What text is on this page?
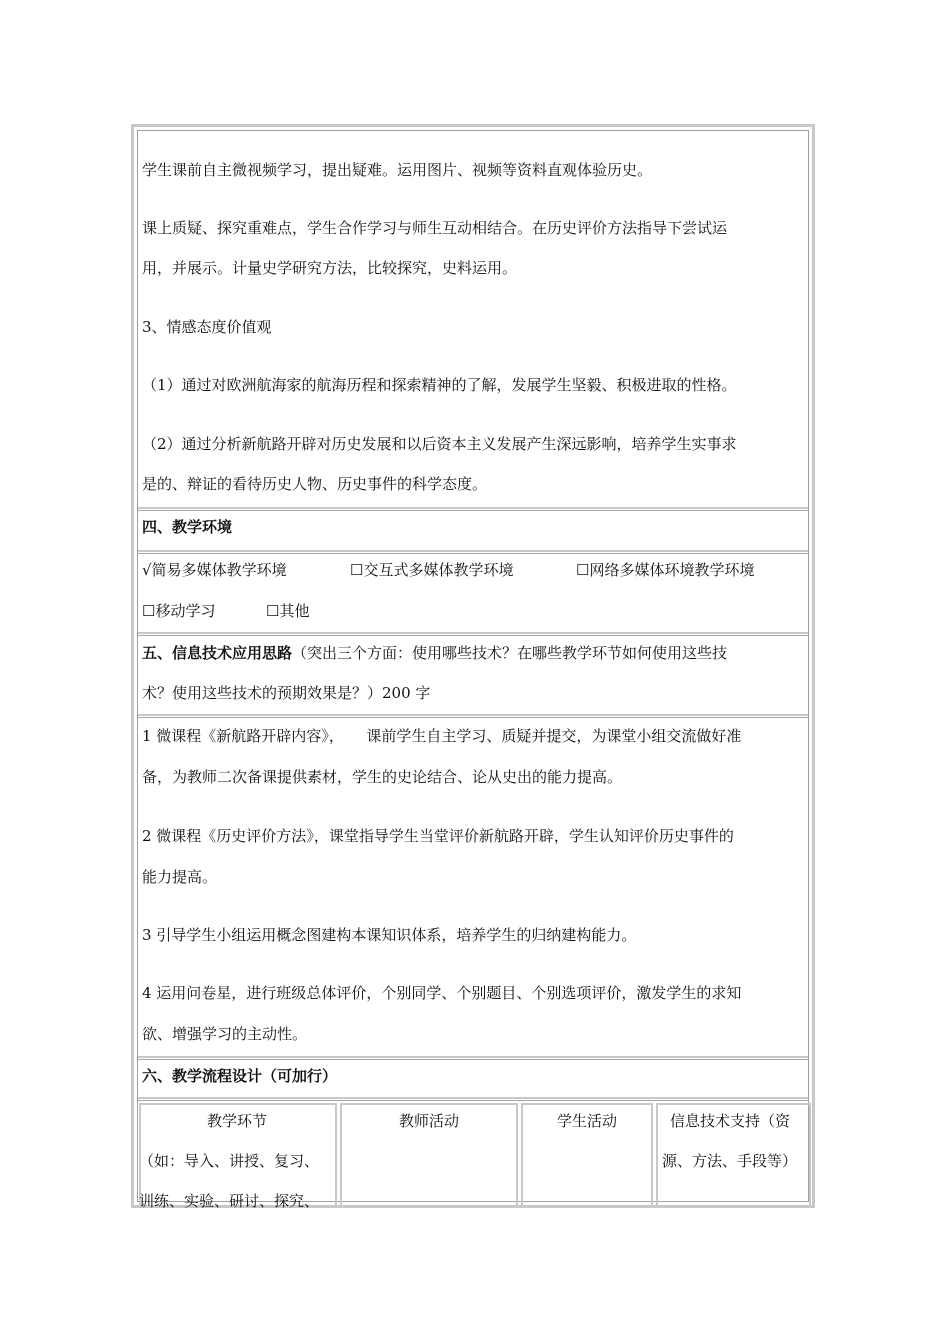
学生课前自主微视频学习，提出疑难。运用图片、视频等资料直观体验历史。
课上质疑、探究重难点，学生合作学习与师生互动相结合。在历史评价方法指导下尝试运
用，并展示。计量史学研究方法，比较探究，史料运用。
3、情感态度价值观
（1）通过对欧洲航海家的航海历程和探索精神的了解，发展学生坚毅、积极进取的性格。
（2）通过分析新航路开辟对历史发展和以后资本主义发展产生深远影响，培养学生实事求
是的、辩证的看待历史人物、历史事件的科学态度。
四、教学环境
√简易多媒体教学环境	☐交互式多媒体教学环境	☐网络多媒体环境教学环境
☐移动学习	☐其他
五、信息技术应用思路（突出三个方面：使用哪些技术？在哪些教学环节如何使用这些技
术？使用这些技术的预期效果是？）200 字
1 微课程《新航路开辟内容》，　　课前学生自主学习、质疑并提交，为课堂小组交流做好准
备，为教师二次备课提供素材，学生的史论结合、论从史出的能力提高。
2 微课程《历史评价方法》，课堂指导学生当堂评价新航路开辟，学生认知评价历史事件的
能力提高。
3 引导学生小组运用概念图建构本课知识体系，培养学生的归纳建构能力。
4 运用问卷星，进行班级总体评价，个别同学、个别题目、个别选项评价，激发学生的求知
欲、增强学习的主动性。
六、教学流程设计（可加行）
教学环节
（如：导入、讲授、复习、
训练、实验、研讨、探究、
教师活动	学生活动	信息技术支持（资
源、方法、手段等）
